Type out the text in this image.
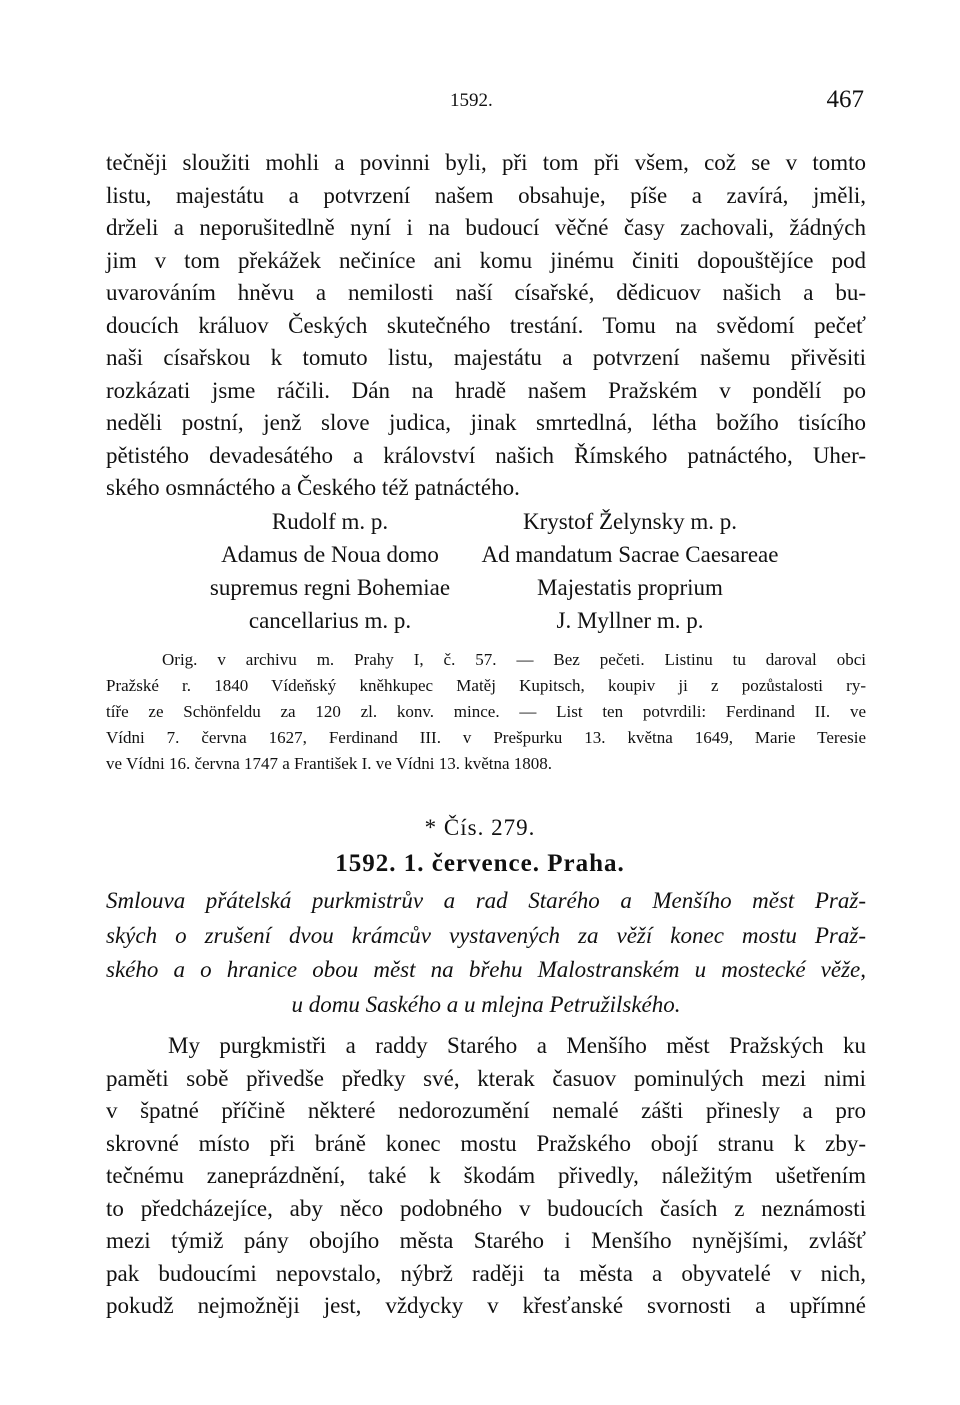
1592.	467
tečněji sloužiti mohli a povinni byli, při tom při všem, což se v tomto
listu, majestátu a potvrzení našem obsahuje, píše a zavírá, jměli,
drželi a neporušitedlně nyní i na budoucí věčné časy zachovali, žádných
jim v tom překážek nečiníce ani komu jinému činiti dopouštějíce pod
uvarováním hněvu a nemilosti naší císařské, dědicuov našich a bu-
doucích králuov Českých skutečného trestání. Tomu na svědomí pečeť
naši císařskou k tomuto listu, majestátu a potvrzení našemu přivěsiti
rozkázati jsme ráčili. Dán na hradě našem Pražském v pondělí po
neděli postní, jenž slove judica, jinak smrtedlná, létha božího tisícího
pětistého devadesátého a království našich Římského patnáctého, Uher-
ského osmnáctého a Českého též patnáctého.
Rudolf m. p.
Adamus de Noua domo
supremus regni Bohemiae
cancellarius m. p.
Krystof Želynsky m. p.
Ad mandatum Sacrae Caesareae
Majestatis proprium
J. Myllner m. p.
Orig. v archivu m. Prahy I, č. 57. — Bez pečeti. Listinu tu daroval obci
Pražské r. 1840 Vídeňský kněhkupec Matěj Kupitsch, koupiv ji z pozůstalosti ry-
tíře ze Schönfeldu za 120 zl. konv. mince. — List ten potvrdili: Ferdinand II. ve
Vídni 7. června 1627, Ferdinand III. v Prešpurku 13. května 1649, Marie Teresie
ve Vídni 16. června 1747 a František I. ve Vídni 13. května 1808.
* Čís. 279.
1592. 1. července. Praha.
Smlouva přátelská purkmistrův a rad Starého a Menšího měst Praž-
ských o zrušení dvou krámcův vystavených za věží konec mostu Praž-
ského a o hranice obou měst na břehu Malostranském u mostecké věže,
u domu Saského a u mlejna Petružilského.
My purgkmistři a raddy Starého a Menšího měst Pražských ku
paměti sobě přivedše předky své, kterak časuov pominulých mezi nimi
v špatné příčině některé nedorozumění nemalé zášti přinesly a pro
skrovné místo při bráně konec mostu Pražského obojí stranu k zby-
tečnému zaneprázdnění, také k škodám přivedly, náležitým ušetřením
to předcházejíce, aby něco podobného v budoucích časích z neznámosti
mezi týmiž pány obojího města Starého i Menšího nynějšími, zvlášť
pak budoucími nepovstalo, nýbrž raději ta města a obyvatelé v nich,
pokudž nejmožněji jest, vždycky v křesťanské svornosti a upřímné
